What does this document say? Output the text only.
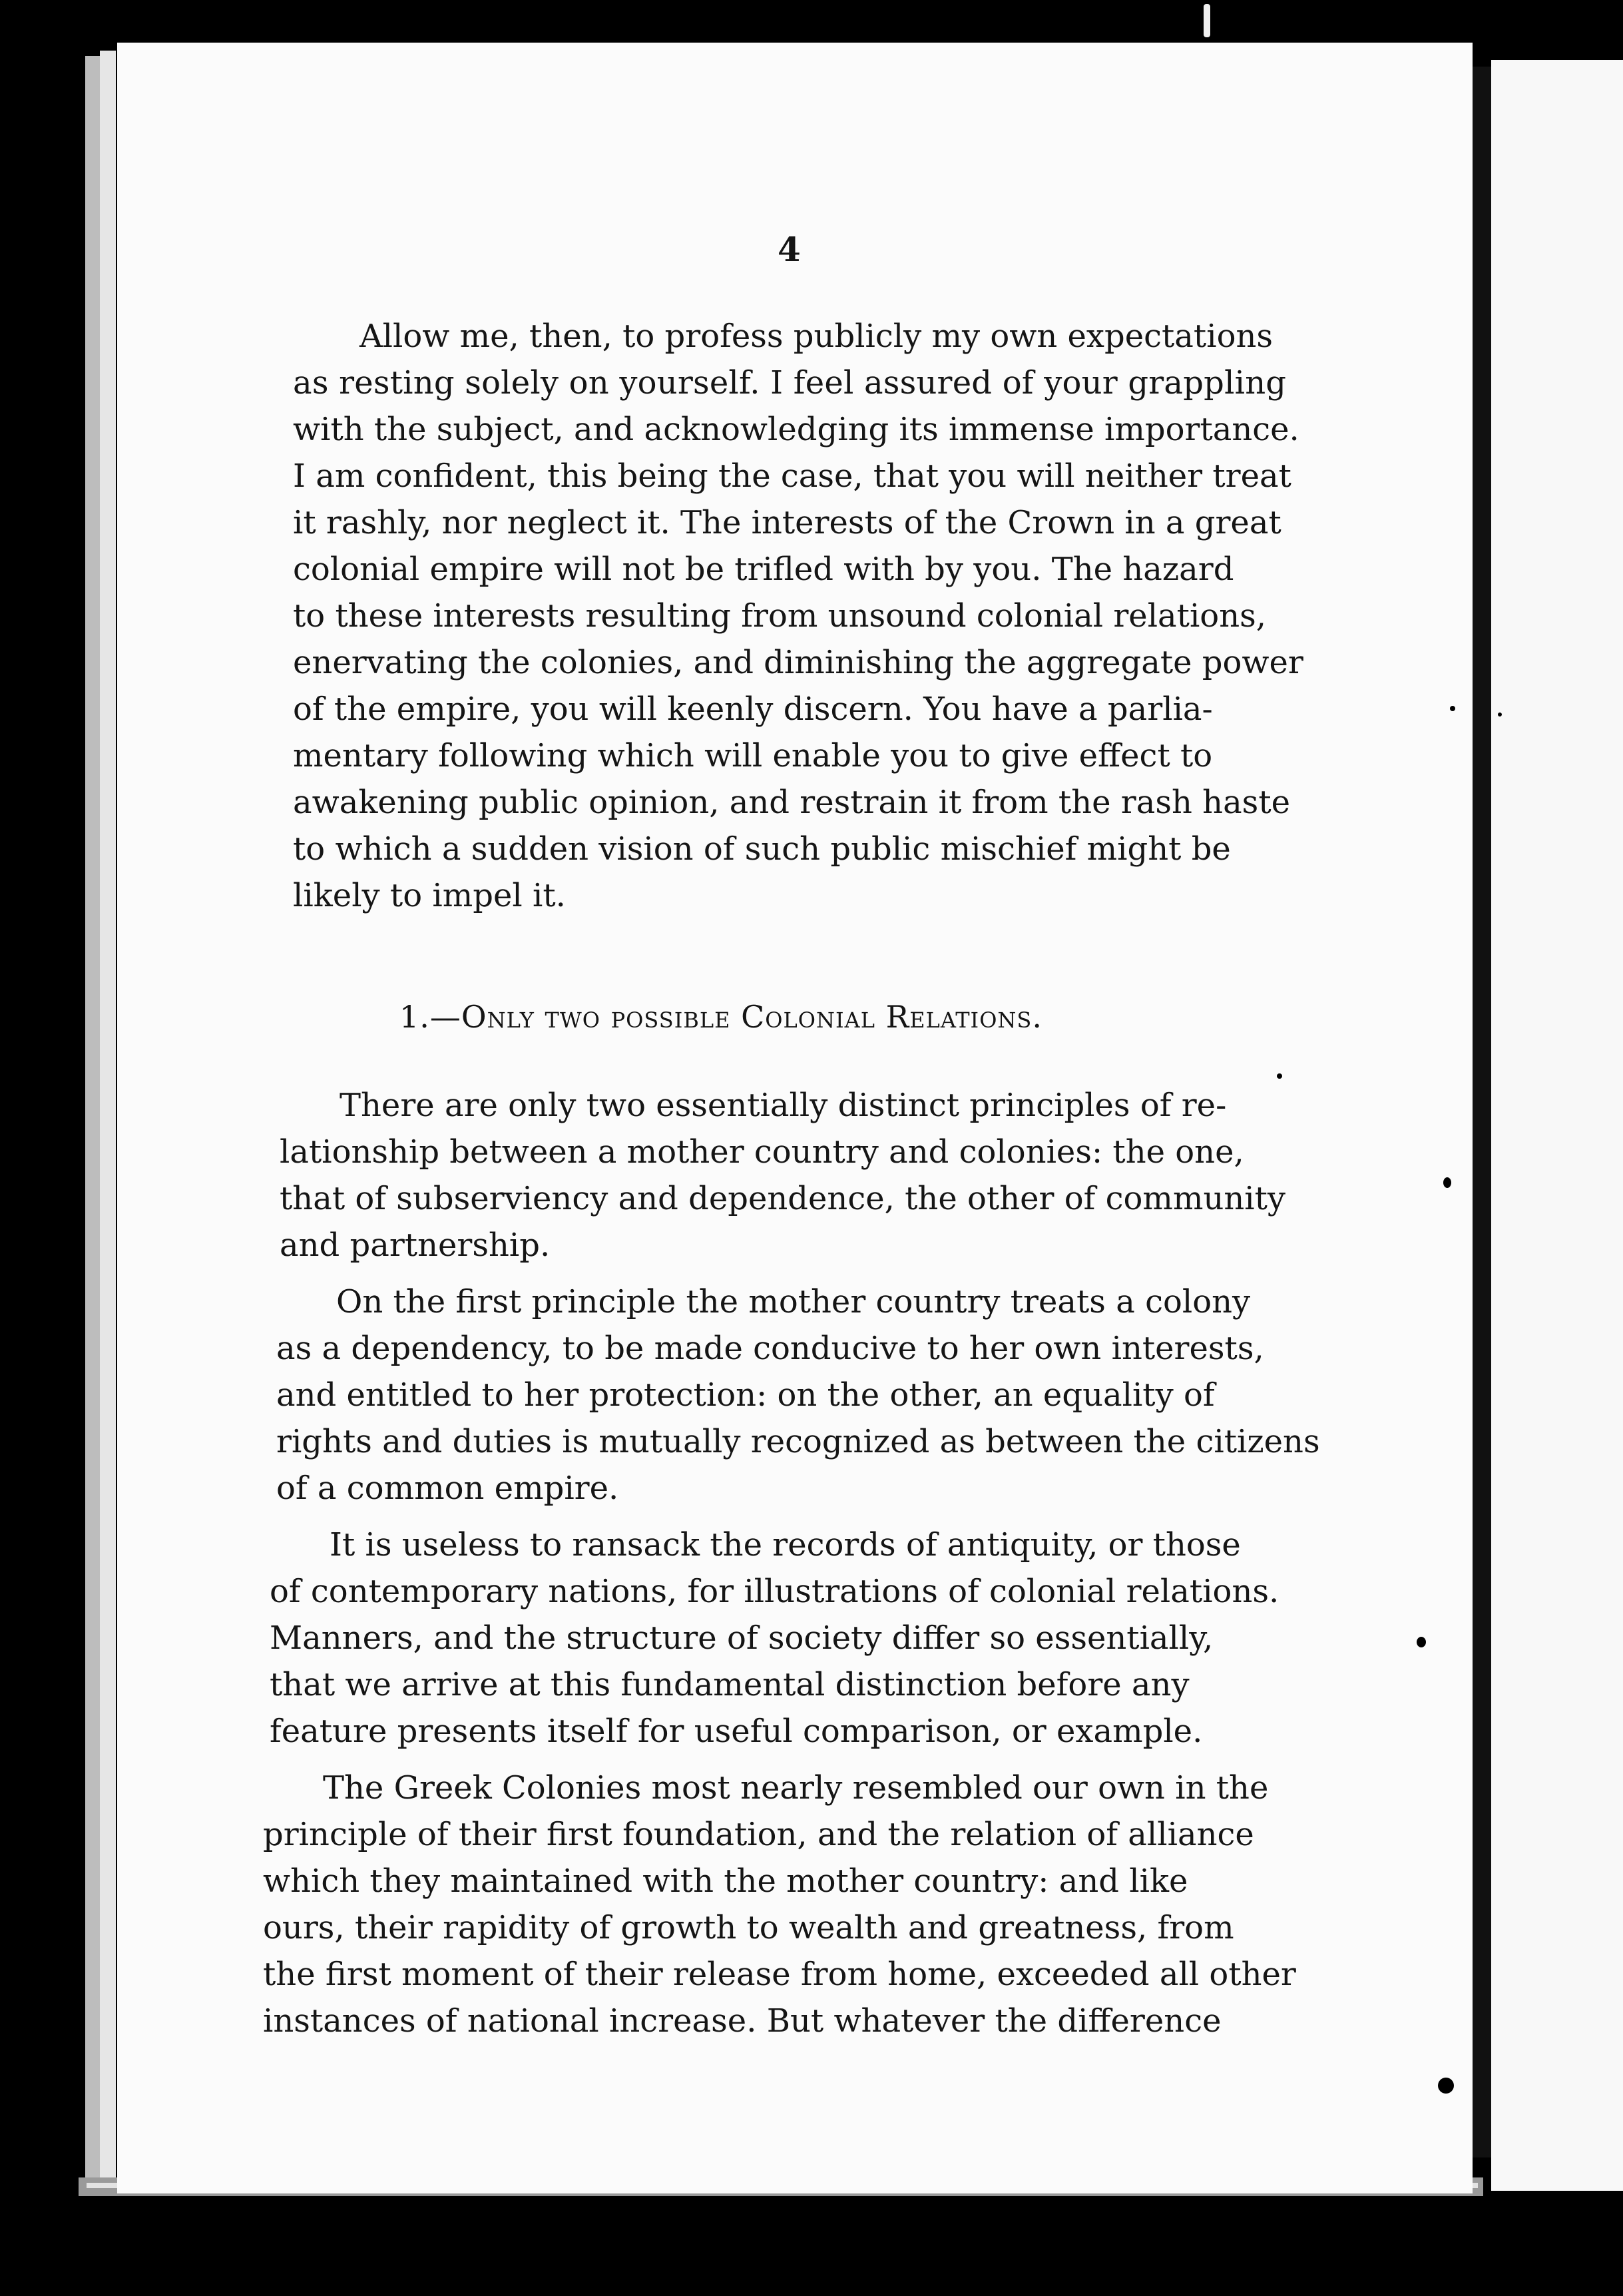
4
Allow me, then, to profess publicly my own expectations
as resting solely on yourself. I feel assured of your grappling
with the subject, and acknowledging its immense importance.
I am confident, this being the case, that you will neither treat
it rashly, nor neglect it. The interests of the Crown in a great
colonial empire will not be trifled with by you. The hazard
to these interests resulting from unsound colonial relations,
enervating the colonies, and diminishing the aggregate power
of the empire, you will keenly discern. You have a parlia-
mentary following which will enable you to give effect to
awakening public opinion, and restrain it from the rash haste
to which a sudden vision of such public mischief might be
likely to impel it.
1.—Only two possible Colonial Relations.
There are only two essentially distinct principles of re-
lationship between a mother country and colonies: the one,
that of subserviency and dependence, the other of community
and partnership.
On the first principle the mother country treats a colony
as a dependency, to be made conducive to her own interests,
and entitled to her protection: on the other, an equality of
rights and duties is mutually recognized as between the citizens
of a common empire.
It is useless to ransack the records of antiquity, or those
of contemporary nations, for illustrations of colonial relations.
Manners, and the structure of society differ so essentially,
that we arrive at this fundamental distinction before any
feature presents itself for useful comparison, or example.
The Greek Colonies most nearly resembled our own in the
principle of their first foundation, and the relation of alliance
which they maintained with the mother country: and like
ours, their rapidity of growth to wealth and greatness, from
the first moment of their release from home, exceeded all other
instances of national increase. But whatever the difference
